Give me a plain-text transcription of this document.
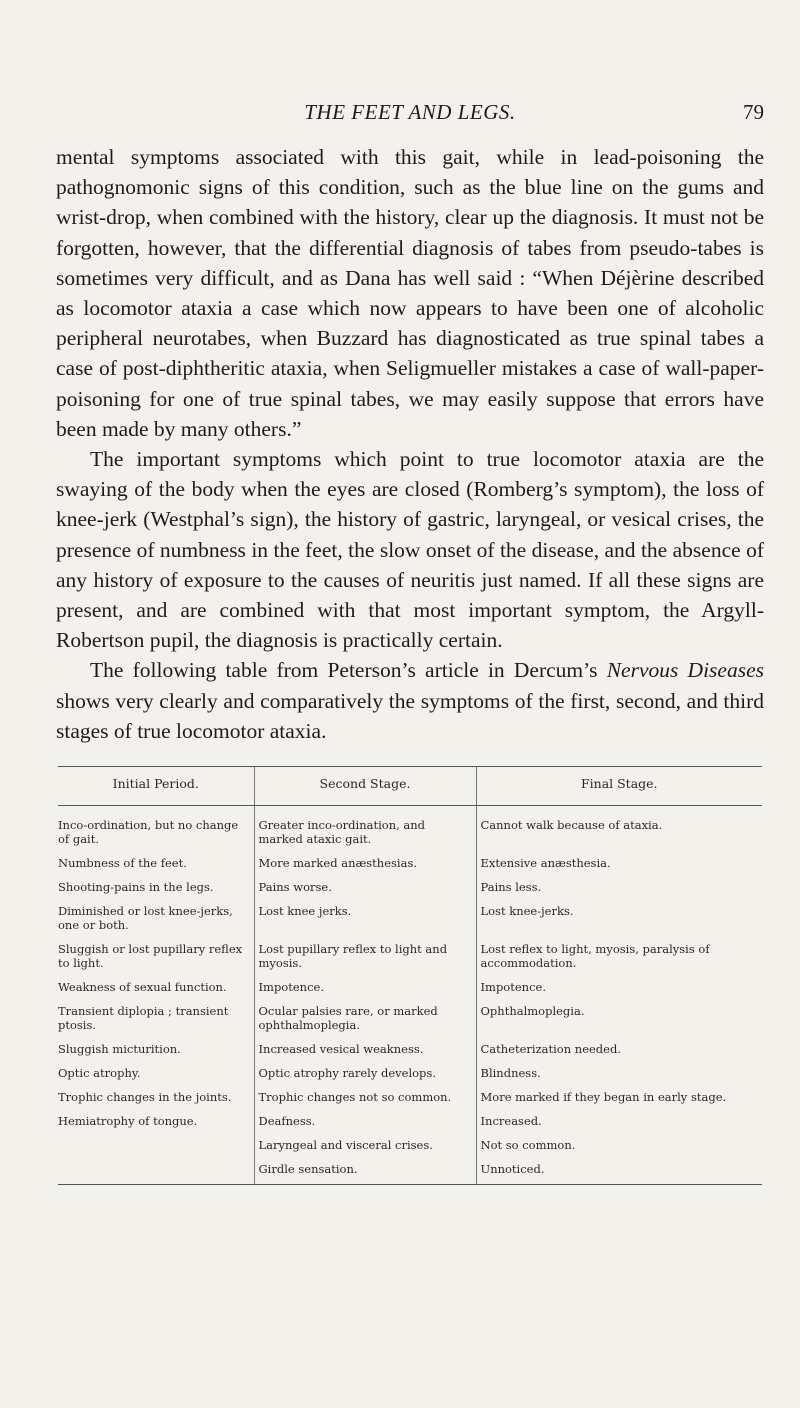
THE FEET AND LEGS.	79

mental symptoms associated with this gait, while in lead-poisoning the pathognomonic signs of this condition, such as the blue line on the gums and wrist-drop, when combined with the history, clear up the diagnosis. It must not be forgotten, however, that the differential diagnosis of tabes from pseudo-tabes is sometimes very difficult, and as Dana has well said : “When Déjèrine described as locomotor ataxia a case which now appears to have been one of alcoholic peripheral neurotabes, when Buzzard has diagnosticated as true spinal tabes a case of post-diphtheritic ataxia, when Seligmueller mistakes a case of wall-paper-poisoning for one of true spinal tabes, we may easily suppose that errors have been made by many others.”

The important symptoms which point to true locomotor ataxia are the swaying of the body when the eyes are closed (Romberg’s symptom), the loss of knee-jerk (Westphal’s sign), the history of gastric, laryngeal, or vesical crises, the presence of numbness in the feet, the slow onset of the disease, and the absence of any history of exposure to the causes of neuritis just named. If all these signs are present, and are combined with that most important symptom, the Argyll-Robertson pupil, the diagnosis is practically certain.

The following table from Peterson’s article in Dercum’s Nervous Diseases shows very clearly and comparatively the symptoms of the first, second, and third stages of true locomotor ataxia.

Initial Period.	Second Stage.	Final Stage.
Inco-ordination, but no change of gait.	Greater inco-ordination, and marked ataxic gait.	Cannot walk because of ataxia.
Numbness of the feet.	More marked anæsthesias.	Extensive anæsthesia.
Shooting-pains in the legs.	Pains worse.	Pains less.
Diminished or lost knee-jerks, one or both.	Lost knee jerks.	Lost knee-jerks.
Sluggish or lost pupillary reflex to light.	Lost pupillary reflex to light and myosis.	Lost reflex to light, myosis, paralysis of accommodation.
Weakness of sexual function.	Impotence.	Impotence.
Transient diplopia ; transient ptosis.	Ocular palsies rare, or marked ophthalmoplegia.	Ophthalmoplegia.
Sluggish micturition.	Increased vesical weakness.	Catheterization needed.
Optic atrophy.	Optic atrophy rarely develops.	Blindness.
Trophic changes in the joints.	Trophic changes not so common.	More marked if they began in early stage.
Hemiatrophy of tongue.	Deafness.	Increased.
	Laryngeal and visceral crises.	Not so common.
	Girdle sensation.	Unnoticed.
